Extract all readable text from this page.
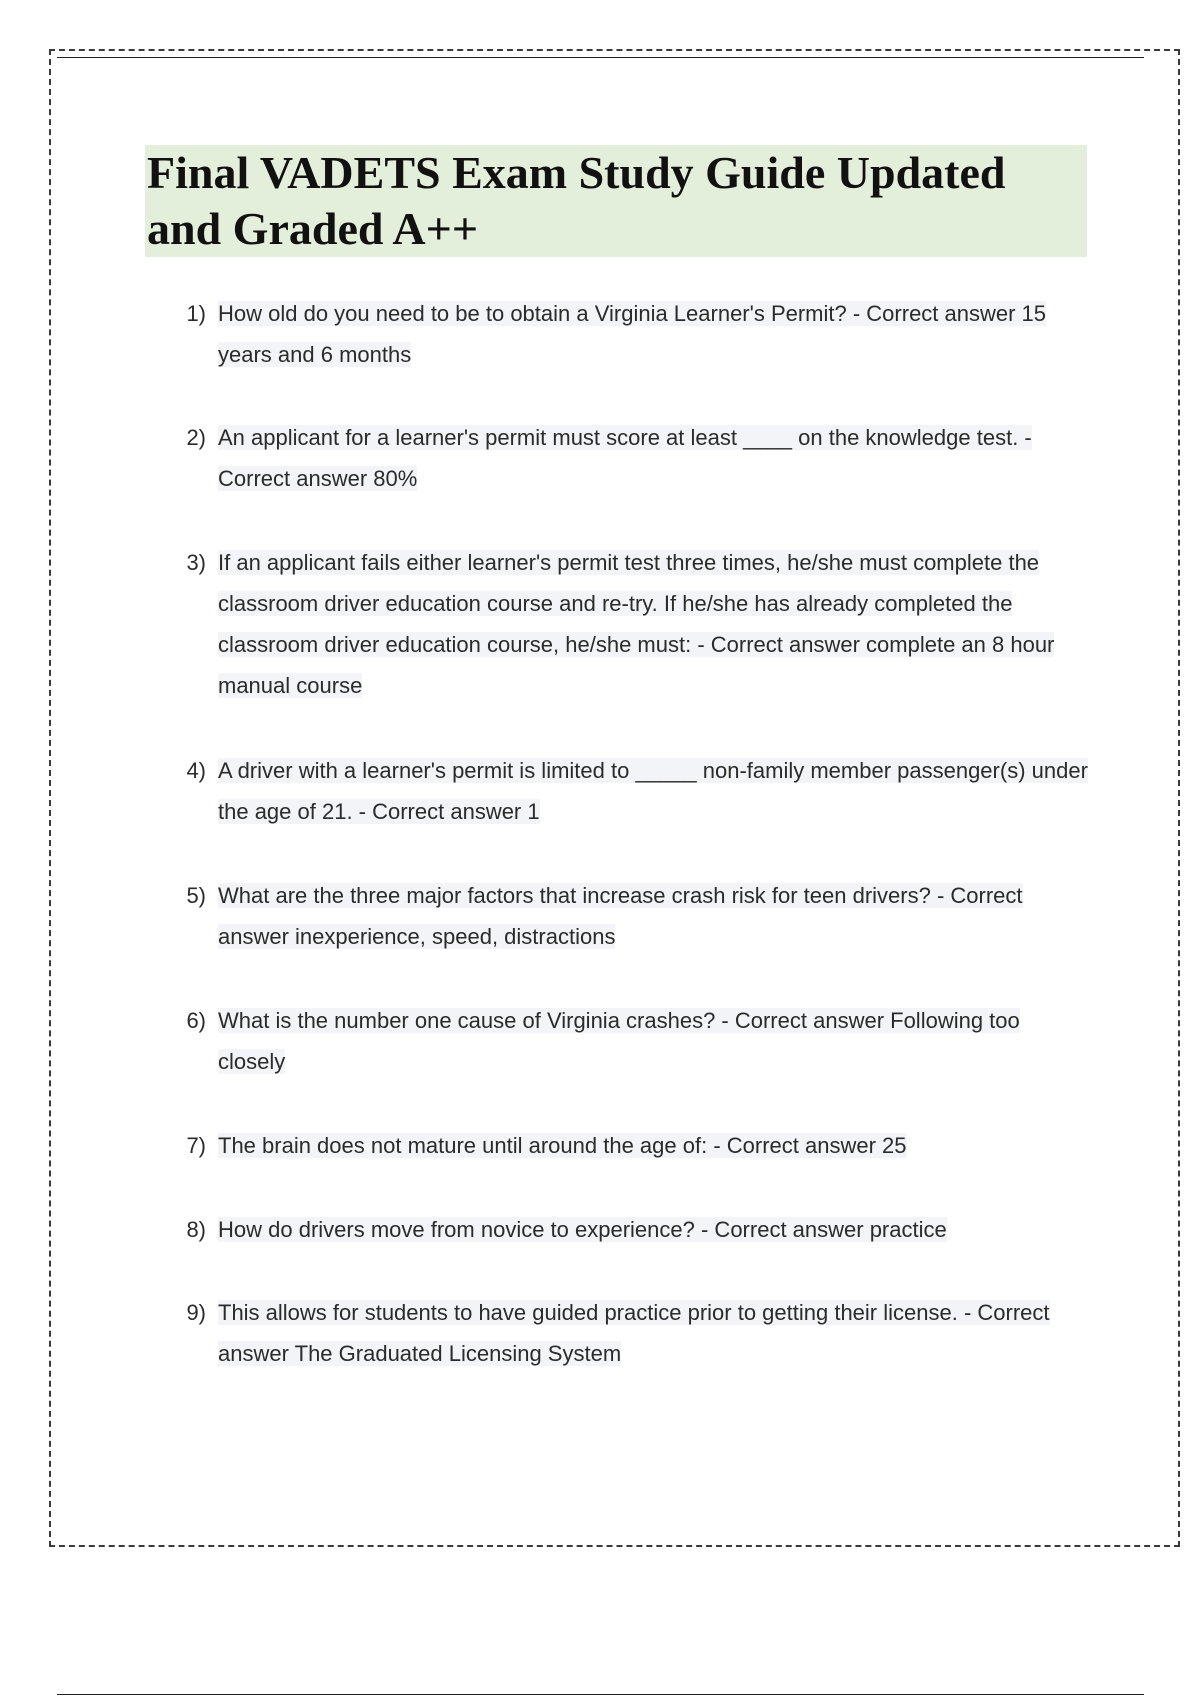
Final VADETS Exam Study Guide Updated and Graded A++
1) How old do you need to be to obtain a Virginia Learner's Permit? - Correct answer 15 years and 6 months
2) An applicant for a learner's permit must score at least ____ on the knowledge test. - Correct answer 80%
3) If an applicant fails either learner's permit test three times, he/she must complete the classroom driver education course and re-try. If he/she has already completed the classroom driver education course, he/she must: - Correct answer complete an 8 hour manual course
4) A driver with a learner's permit is limited to _____ non-family member passenger(s) under the age of 21. - Correct answer 1
5) What are the three major factors that increase crash risk for teen drivers? - Correct answer inexperience, speed, distractions
6) What is the number one cause of Virginia crashes? - Correct answer Following too closely
7) The brain does not mature until around the age of: - Correct answer 25
8) How do drivers move from novice to experience? - Correct answer practice
9) This allows for students to have guided practice prior to getting their license. - Correct answer The Graduated Licensing System
